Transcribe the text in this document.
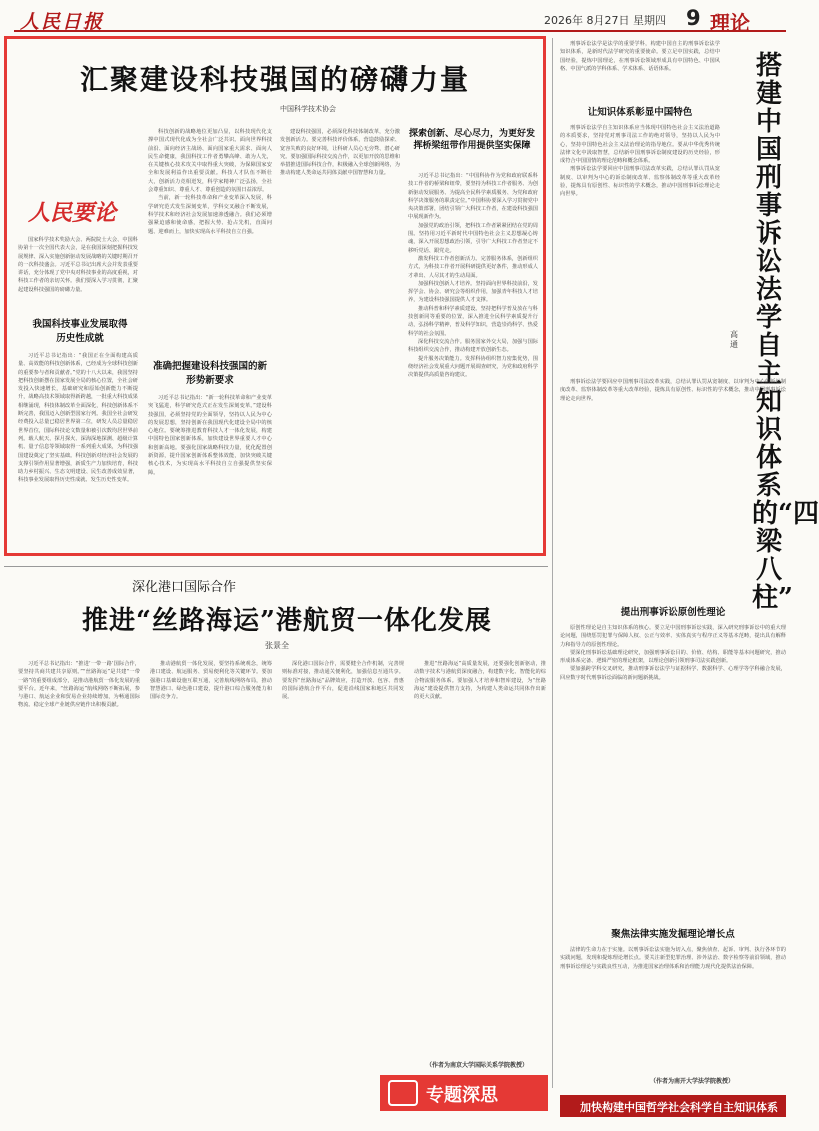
人民日报	2026年 8月27日 星期四 9 理论
汇聚建设科技强国的磅礴力量
中国科学技术协会
人民要论

国家科学技术奖励大会、两院院士大会、中国科协第十一次全国代表大会，是在我国深刻把握科技发展规律、深入实施创新驱动发展战略的关键时期召开的一次科技盛会。习近平总书记出席大会并发表重要讲话，充分体现了党中央对科技事业的高度重视，对科技工作者的亲切关怀。我们要深入学习贯彻，汇聚起建设科技强国的磅礴力量。

我国科技事业发展取得历史性成就

习近平总书记指出：“我国正在全面构建高质量、高效能的科技创新体系，已经成为全球科技创新的重要参与者和贡献者。”党的十八大以来，我国坚持把科技创新摆在国家发展全局的核心位置，全社会研发投入快速增长，基础研究和原始创新能力不断提升，战略高技术领域取得新跨越，一批重大科技成果相继涌现，科技体制改革全面深化，科技创新体系不断完善，我国迈入创新型国家行列。我国全社会研发经费投入总量已稳居世界第二位，研发人员总量稳居世界首位，国际科技论文数量和被引次数均居世界前列。载人航天、探月探火、深海深地探测、超级计算机、量子信息等领域取得一系列重大成果，为科技强国建设奠定了坚实基础。科技创新对经济社会发展的支撑引领作用显著增强，新质生产力加快培育，科技助力乡村振兴、生态文明建设、民生改善成效显著，科技事业发展取得历史性成就、发生历史性变革。

科技创新的战略地位更加凸显，以科技现代化支撑中国式现代化成为全社会广泛共识。面向世界科技前沿、面向经济主战场、面向国家重大需求、面向人民生命健康，我国科技工作者勇攀高峰、敢为人先，在关键核心技术攻关中取得重大突破，为保障国家安全和发展利益作出重要贡献。科技人才队伍不断壮大，创新活力竞相迸发，科学家精神广泛弘扬，全社会尊重知识、尊重人才、尊重创造的氛围日益浓厚。

当前，新一轮科技革命和产业变革深入发展，科学研究范式发生深刻变革，学科交叉融合不断发展，科学技术和经济社会发展加速渗透融合。我们必须增强紧迫感和使命感，把握大势、抢占先机，直面问题、迎难而上，加快实现高水平科技自立自强。

准确把握建设科技强国的新形势新要求

习近平总书记指出：“新一轮科技革命和产业变革突飞猛进，科学研究范式正在发生深刻变革。”建设科技强国，必须坚持党的全面领导，坚持以人民为中心的发展思想，坚持创新在我国现代化建设全局中的核心地位。要统筹推进教育科技人才一体化发展，构建中国特色国家创新体系，加快建设世界重要人才中心和创新高地。要强化国家战略科技力量，优化配置创新资源，提升国家创新体系整体效能，加快突破关键核心技术，为实现高水平科技自立自强提供坚实保障。

建设科技强国，必须深化科技体制改革，充分激发创新活力。要完善科技评价体系，营造鼓励探索、宽容失败的良好环境，让科研人员心无旁骛、潜心研究。要加强国际科技交流合作，以更加开放的思维和举措推进国际科技合作，积极融入全球创新网络，为推动构建人类命运共同体贡献中国智慧和力量。

探索创新、尽心尽力，为更好发挥桥梁纽带作用提供坚实保障

习近平总书记指出：“中国科协作为党和政府联系科技工作者的桥梁和纽带，要坚持为科技工作者服务、为创新驱动发展服务、为提高全民科学素质服务、为党和政府科学决策服务的职责定位。”中国科协要深入学习贯彻党中央决策部署，团结引领广大科技工作者，在建设科技强国中展现新作为。

加强党的政治引领，把科技工作者紧紧团结在党的周围。坚持用习近平新时代中国特色社会主义思想凝心铸魂，深入开展思想政治引领，引导广大科技工作者坚定不移听党话、跟党走。

激发科技工作者创新活力。完善服务体系，创新组织方式，为科技工作者开展科研提供更好条件，推动形成人才辈出、人尽其才的生动局面。

加强科技创新人才培养。坚持面向世界科技前沿，发挥学会、协会、研究会等组织作用，加强青年科技人才培养，为建设科技强国提供人才支撑。

推动科普和科学素质建设。坚持把科学普及放在与科技创新同等重要的位置，深入推进全民科学素质提升行动，弘扬科学精神，普及科学知识，营造崇尚科学、热爱科学的社会氛围。

深化科技交流合作。服务国家外交大局，加强与国际科技组织交流合作，推动构建开放创新生态。

提升服务决策能力。发挥科协组织智力密集优势，围绕经济社会发展重大问题开展调查研究，为党和政府科学决策提供高质量咨询建议。

搭建中国刑事诉讼法学自主知识体系的“四梁八柱”
高通

刑事诉讼法学是法学的重要学科，构建中国自主的刑事诉讼法学知识体系，是新时代法学研究的重要使命。要立足中国实践，总结中国经验，提炼中国理论，在刑事诉讼领域形成具有中国特色、中国风格、中国气派的学科体系、学术体系、话语体系。

让知识体系彰显中国特色

刑事诉讼法学自主知识体系应当体现中国特色社会主义法治道路的本质要求，坚持党对刑事司法工作的绝对领导，坚持以人民为中心，坚持中国特色社会主义法治理论的指导地位。要从中华优秀传统法律文化中汲取智慧，总结新中国刑事诉讼制度建设的历史经验，形成符合中国国情的理论范畴和概念体系。

刑事诉讼法学要回应中国刑事司法改革实践，总结认罪认罚从宽制度、以审判为中心的诉讼制度改革、监察体制改革等重大改革经验，提炼具有原创性、标识性的学术概念，推动中国刑事诉讼理论走向世界。

刑事诉讼法学要回应中国刑事司法改革实践，总结认罪认罚从宽制度、以审判为中心的诉讼制度改革、监察体制改革等重大改革经验，提炼具有原创性、标识性的学术概念，推动中国刑事诉讼理论走向世界。

提出刑事诉讼原创性理论

原创性理论是自主知识体系的核心。要立足中国刑事诉讼实践，深入研究刑事诉讼中的重大理论问题，围绕惩罚犯罪与保障人权、公正与效率、实体真实与程序正义等基本范畴，提出具有解释力和指导力的原创性理论。

要深化刑事诉讼基础理论研究，加强刑事诉讼目的、价值、结构、职能等基本问题研究，推动形成体系完备、逻辑严密的理论框架，以理论创新引领刑事司法实践创新。

要加强跨学科交叉研究，推动刑事诉讼法学与证据科学、数据科学、心理学等学科融合发展，回应数字时代刑事诉讼面临的新问题新挑战。

聚焦法律实施发掘理论增长点

法律的生命力在于实施。以刑事诉讼法实施为切入点，聚焦侦查、起诉、审判、执行各环节的实践问题，发现和提炼理论增长点。要关注新型犯罪治理、涉外法治、数字检察等前沿领域，推动刑事诉讼理论与实践良性互动，为推进国家治理体系和治理能力现代化提供法治保障。

（作者为南开大学法学院教授）
深化港口国际合作
推进“丝路海运”港航贸一体化发展
张景全

习近平总书记指出：“推进‘一带一路’国际合作，要坚持共商共建共享原则。”“丝路海运”是共建“一带一路”的重要组成部分，是推动港航贸一体化发展的重要平台。近年来，“丝路海运”航线网络不断拓展，参与港口、航运企业和贸易企业持续增加，为畅通国际物流、稳定全球产业链供应链作出积极贡献。

推动港航贸一体化发展，要坚持系统观念，统筹港口建设、航运服务、贸易便利化等关键环节。要加强港口基础设施互联互通，完善航线网络布局，推动智慧港口、绿色港口建设，提升港口综合服务能力和国际竞争力。

深化港口国际合作，需要健全合作机制，完善规则标准对接，推动通关便利化，加强信息互通共享。要发挥“丝路海运”品牌效应，打造开放、包容、普惠的国际港航合作平台，促进沿线国家和地区共同发展。

推进“丝路海运”高质量发展，还要强化创新驱动，推动数字技术与港航贸深度融合，构建数字化、智能化的综合物流服务体系。要加强人才培养和智库建设，为“丝路海运”建设提供智力支持，为构建人类命运共同体作出新的更大贡献。

（作者为南京大学国际关系学院教授）
专题深思
加快构建中国哲学社会科学自主知识体系
